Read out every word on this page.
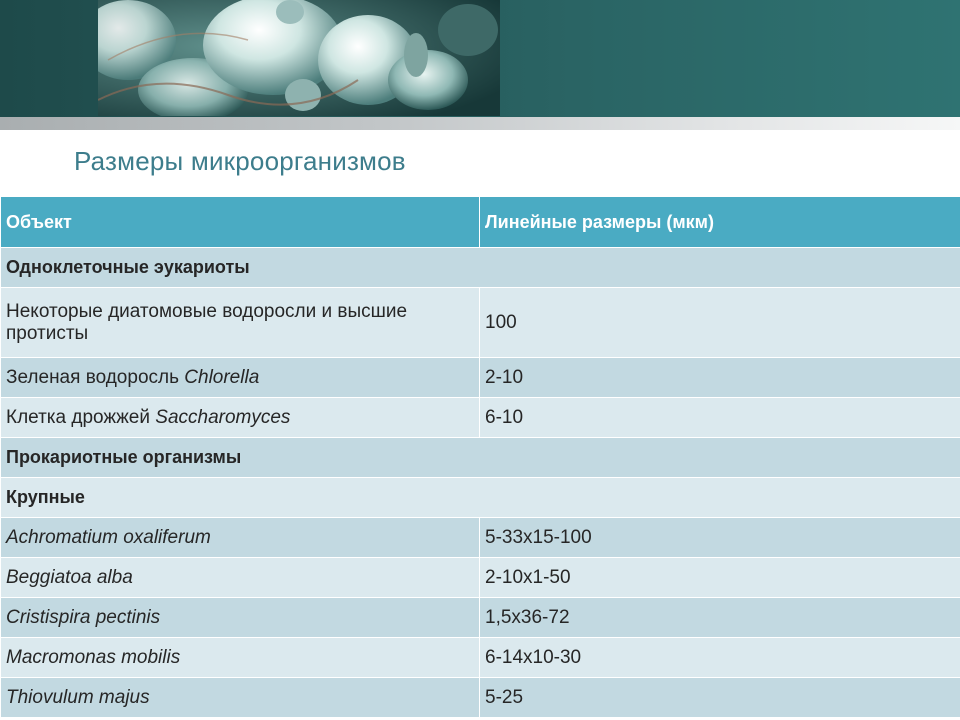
Размеры микроорганизмов
Объект	Линейные размеры (мкм)
Одноклеточные эукариоты	
Некоторые диатомовые водоросли и высшие протисты	100
Зеленая водоросль Chlorella	2-10
Клетка дрожжей Saccharomyces	6-10
Прокариотные организмы	
Крупные	
Achromatium oxaliferum	5-33x15-100
Beggiatoa alba	2-10x1-50
Cristispira pectinis	1,5x36-72
Macromonas mobilis	6-14x10-30
Thiovulum majus	5-25
